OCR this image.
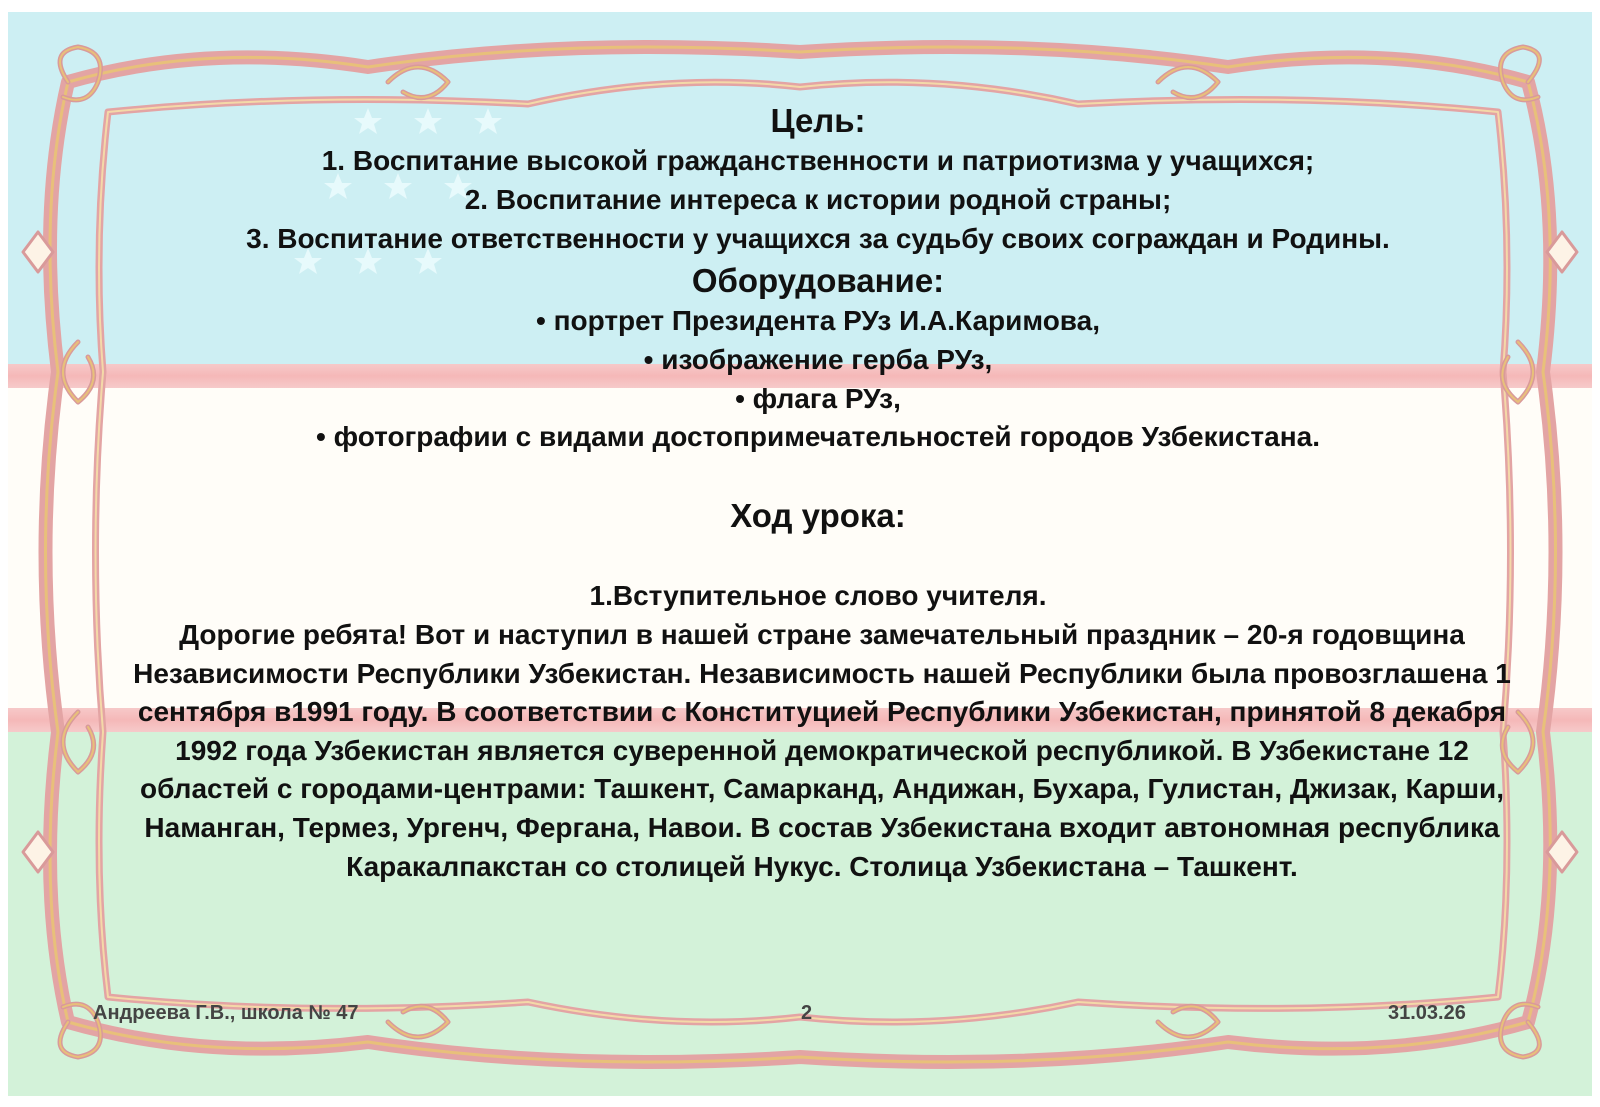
Цель:
1. Воспитание высокой гражданственности и патриотизма у учащихся;
2. Воспитание интереса к истории родной страны;
3. Воспитание ответственности у учащихся за судьбу своих сограждан и Родины.
Оборудование:
• портрет Президента РУз И.А.Каримова,
• изображение герба РУз,
• флага РУз,
• фотографии с видами достопримечательностей городов Узбекистана.
Ход урока:
1.Вступительное слово учителя.
Дорогие ребята! Вот и наступил в нашей стране замечательный праздник – 20-я годовщина Независимости Республики Узбекистан. Независимость нашей Республики была провозглашена 1 сентября в1991 году. В соответствии с Конституцией Республики Узбекистан, принятой 8 декабря 1992 года Узбекистан является суверенной демократической республикой. В Узбекистане 12 областей с городами-центрами: Ташкент, Самарканд, Андижан, Бухара, Гулистан, Джизак, Карши, Наманган, Термез, Ургенч, Фергана, Навои. В состав Узбекистана входит автономная республика Каракалпакстан со столицей Нукус. Столица Узбекистана – Ташкент.
Андреева Г.В., школа № 47	2	31.03.26
